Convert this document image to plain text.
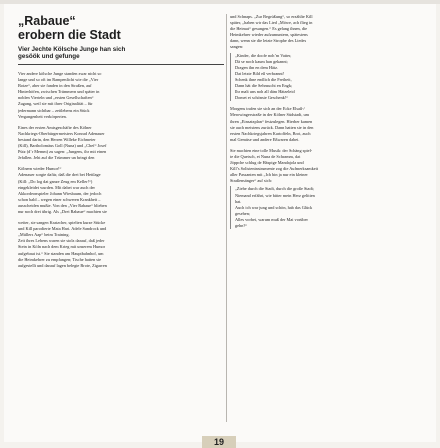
„Rabaue“
erobern die Stadt
Vier Jechte Kölsche Junge han sich
gesöök und gefunge
Vier andere kölsche Junge standen zwar nicht so
lange und so oft im Rampenlicht wie die „Vier
Botze“, aber sie fanden in den Straßen, auf
Hinterhöfen, zwischen Trümmern und später in
noblen Vierteln und „ersten Gesellschaften“
Zugang, weil sie mit ihrer Originalität – für
jedermann sichtbar – zeitlebens ein Stück
Vergangenheit verkörperten.
Eines der ersten Amtsgeschäfte des Kölner
Nachkriegs-Oberbürgermeisters Konrad Adenauer
bestand darin, den Herren Willeke Eichmeier
(Kill), Bartholomäus Goll (Nuna) und „Chef“ Josef
Pütz (d’r Memm) zu sagen: „Jungens, ihr mit einen
Jefallen. Jeht auf die Trümmer un bringt den
Kölnern wieder Humor!“
Adenauer sorgte dafür, daß die drei bei Hettlage
(Kill: „Do log dat ganze Zeug em Keller!“)
eingekleidet wurden. Mit dabei war auch der
Akkordeonspieler Johann Wiesbaum, der jedoch
schon bald – wegen einer schweren Krankheit –
ausscheiden mußte. Von den „Vier Rabaue“ blieben
nur noch drei übrig. Als „Drei Rabaue“ machten sie
weiter, sie sangen Kratzcher, spielten kurze Stücke
und Kill parodierte Mata Hari. Adele Sandrock und
„Müllers Aap“ beim Training.
Zeit ihres Lebens waren sie stolz darauf, daß jeder
Stein in Köln nach dem Krieg mit unserem Humor
aufgebaut ist.“ Sie standen am Hauptbahnhof, um
die Heimkehrer zu empfangen; Tische hatten sie
aufgestellt und darauf lagen belegte Brote, Zigarren
und Schnaps. „Zur Begrüßung“, so erzählte Kill
später, „haben wir das Lied „Möwe, ach flieg in
die Heimat“ gesungen.“ Es gelang ihnen, die
Heimkehrer wieder aufzumuntern, spätestens
dann, wenn sie die letzte Strophe des Liedes
sangen:
„Kinder, die doofe noh’m Vatter,
Dä se noch kaum han gekannt;
Dragen ihn en dem Hätz.
Dat letzte Bild eß verbrannt!
Schenk ihne endlich die Freiheit,
Dann hät die Sehnsucht en Engk;
Ihr malt uns noh all däm Hätzeleid
Domet et schönste Geschenk!“
Morgens trafen sie sich an der Ecke Elsaß-/
Merowingerstraße in der Kölner Südstadt, um
ihren „Einsatzplan“ festzulegen. Hierher kamen
sie auch meistens zurück. Dann hatten sie in den
ersten Nachkriegsjahren Kartoffeln, Brot, auch
mal Gemüse und andere Eßwaren dabei.
Sie machten eine tolle Musik: der Schäng spiel-
te die Quetsch, et Nuna de Schramm, dat
Jöppche schlug de Häspige Mandajola und
Kill’s Solisteninstrumente zog die Aufmerksamkeit
aller Passanten mit „Ich bin ja nur ein kleiner
Straßensänger“ auf sich:
„Ziehe durch die Stadt, durch die große Stadt;
Niemand erfährt, wie bitter mein Herz gelitten
hat.
Auch ich war jung und schön, hab das Glück
gesehen;
Alles vorbei, warum muß der Mai vorüber
gehn?“
19
